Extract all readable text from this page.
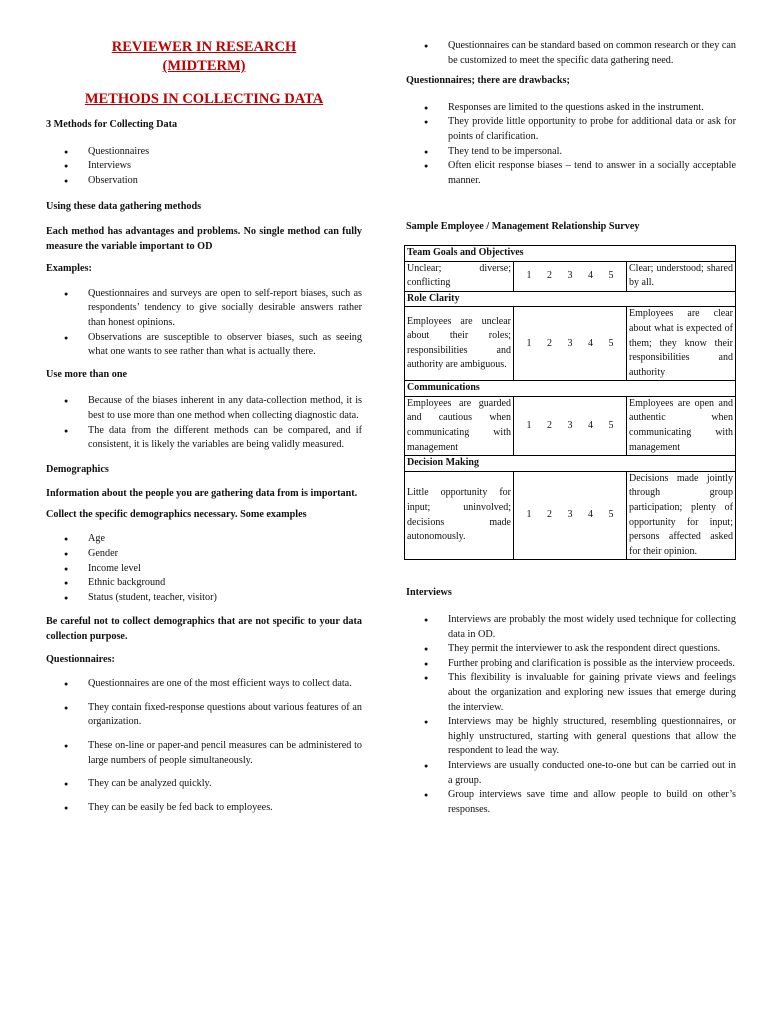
REVIEWER IN RESEARCH

(MIDTERM)

METHODS IN COLLECTING DATA

3 Methods for Collecting Data

● Questionnaires
● Interviews
● Observation

Using these data gathering methods

Each method has advantages and problems. No single method can fully measure the variable important to OD

Examples:

● Questionnaires and surveys are open to self-report biases, such as respondents’ tendency to give socially desirable answers rather than honest opinions.
● Observations are susceptible to observer biases, such as seeing what one wants to see rather than what is actually there.

Use more than one

● Because of the biases inherent in any data-collection method, it is best to use more than one method when collecting diagnostic data.
● The data from the different methods can be compared, and if consistent, it is likely the variables are being validly measured.

Demographics

Information about the people you are gathering data from is important.

Collect the specific demographics necessary. Some examples

● Age
● Gender
● Income level
● Ethnic background
● Status (student, teacher, visitor)

Be careful not to collect demographics that are not specific to your data collection purpose.

Questionnaires:

● Questionnaires are one of the most efficient ways to collect data.
● They contain fixed-response questions about various features of an organization.
● These on-line or paper-and pencil measures can be administered to large numbers of people simultaneously.
● They can be analyzed quickly.
● They can be easily be fed back to employees.
● Questionnaires can be standard based on common research or they can be customized to meet the specific data gathering need.

Questionnaires; there are drawbacks;

● Responses are limited to the questions asked in the instrument.
● They provide little opportunity to probe for additional data or ask for points of clarification.
● They tend to be impersonal.
● Often elicit response biases – tend to answer in a socially acceptable manner.

Sample Employee / Management Relationship Survey

Team Goals and Objectives		
Unclear; diverse; conflicting	1 2 3 4 5	Clear; understood; shared by all.
Role Clarity		
Employees are unclear about their roles; responsibilities and authority are ambiguous.	1 2 3 4 5	Employees are clear about what is expected of them; they know their responsibilities and authority
Communications		
Employees are guarded and cautious when communicating with management	1 2 3 4 5	Employees are open and authentic when communicating with management
Decision Making		
Little opportunity for input; uninvolved; decisions made autonomously.	1 2 3 4 5	Decisions made jointly through group participation; plenty of opportunity for input; persons affected asked for their opinion.

Interviews

● Interviews are probably the most widely used technique for collecting data in OD.
● They permit the interviewer to ask the respondent direct questions.
● Further probing and clarification is possible as the interview proceeds.
● This flexibility is invaluable for gaining private views and feelings about the organization and exploring new issues that emerge during the interview.
● Interviews may be highly structured, resembling questionnaires, or highly unstructured, starting with general questions that allow the respondent to lead the way.
● Interviews are usually conducted one-to-one but can be carried out in a group.
● Group interviews save time and allow people to build on other’s responses.
